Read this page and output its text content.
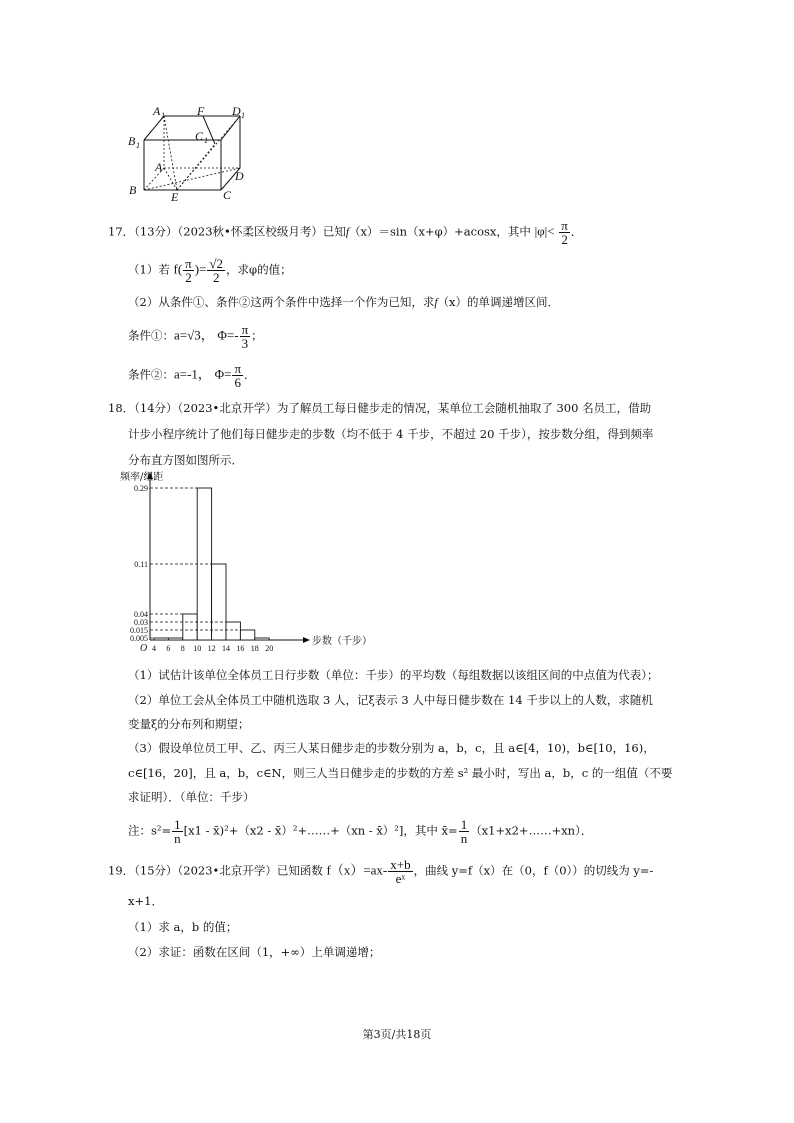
A 1	F D 1
B 1
C 1
A
D
B	E	C
17．（13分）（2023秋•怀柔区校级月考）已知f（x）＝sin（x+φ）+acosx，其中 $|\varphi|< \frac{\pi}{2}$ ．
（1）若 $f( \frac{\pi}{2}$ )= $\frac{√2}{2}$ ，求φ的值；
（2）从条件①、条件②这两个条件中选择一个作为已知，求f（x）的单调递增区间．
条件①：a=√3， $\Phi=- \frac{\pi}{3}$ ；
条件②：a=-1， $\Phi= \frac{\pi}{6}$ ．
18．（14分）（2023•北京开学）为了解员工每日健步走的情况，某单位工会随机抽取了 300 名员工，借助
计步小程序统计了他们每日健步走的步数（均不低于 4 千步，不超过 20 千步），按步数分组，得到频率
分布直方图如图所示．
频率/组距
步数（千步）
O
0.29
0.11
0.04
0.03
0.015
0.005
4 6 8 10 12 14 16 18 20
（1）试估计该单位全体员工日行步数（单位：千步）的平均数（每组数据以该组区间的中点值为代表）；
（2）单位工会从全体员工中随机选取 3 人，记ξ表示 3 人中每日健步数在 14 千步以上的人数，求随机
变量ξ的分布列和期望；
（3）假设单位员工甲、乙、丙三人某日健步走的步数分别为 a，b，c，且 a∈[4，10)，b∈[10，16)，
c∈[16，20]，且 a，b，c∈N，则三人当日健步走的步数的方差 s² 最小时，写出 a，b，c 的一组值（不要
求证明）．（单位：千步）
注：$s^2= \frac{1}{n} [x1$ - x̄)²+（x2 - x̄）²+……+（xn - x̄）²]，其中 x̄= $\frac{1}{n}$ （x1+x2+……+xn）．
19．（15分）（2023•北京开学）已知函数 $f(x)=ax- \frac{x+b}{\text{eˣ}}$ ，曲线 y=f（x）在（0，f（0））的切线为 y=-
x+1．
（1）求 a，b 的值；
（2）求证：函数在区间（1，+∞）上单调递增；
第3页/共18页
